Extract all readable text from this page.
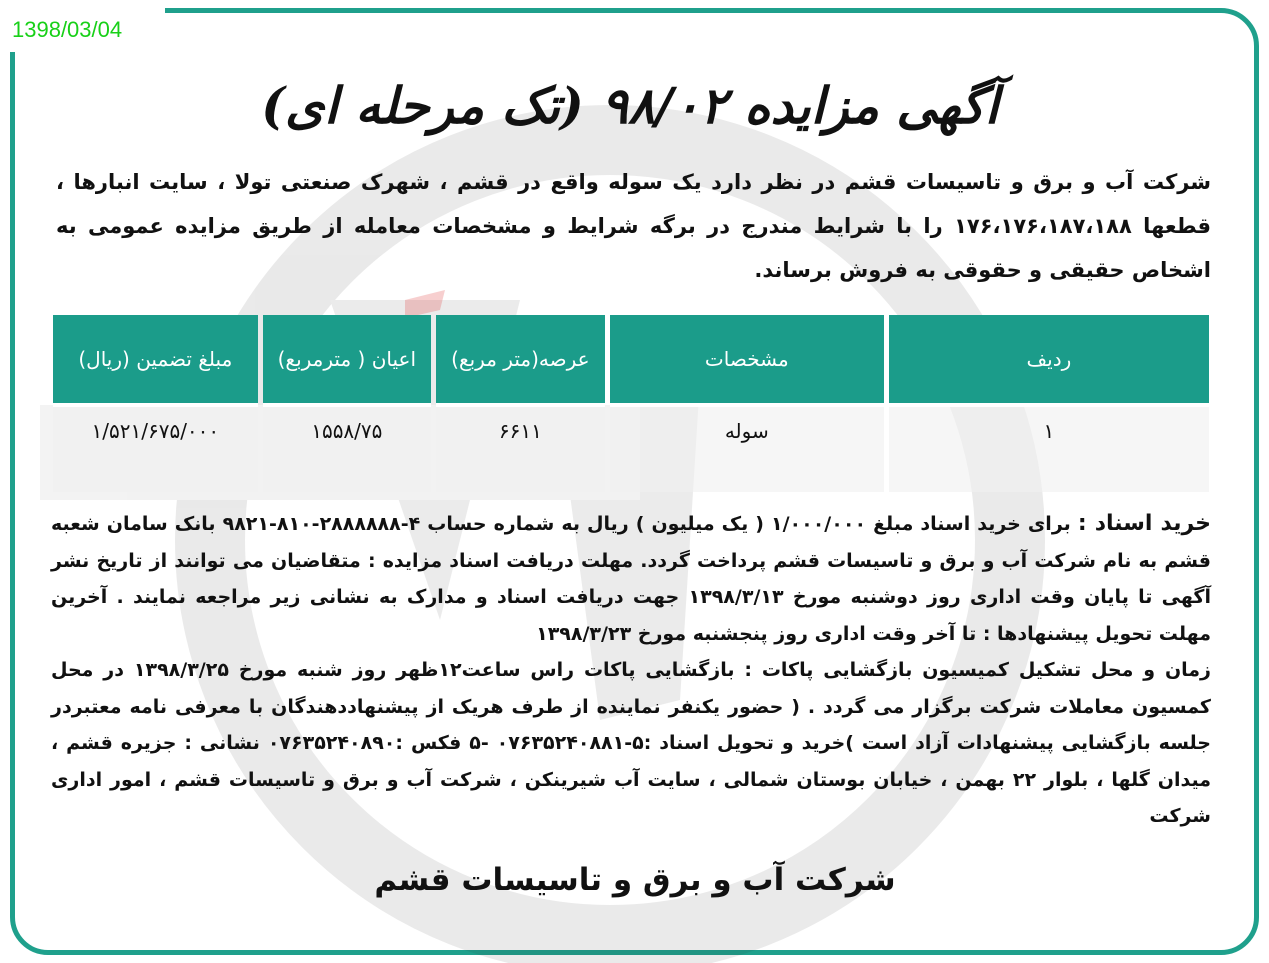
1398/03/04
آگهی مزایده ۹۸/۰۲ (تک مرحله ای)
شرکت آب و برق و تاسیسات قشم در نظر دارد یک سوله واقع در قشم ، شهرک صنعتی تولا ، سایت انبارها ، قطعها ۱۷۶،۱۷۶،۱۸۷،۱۸۸ را با شرایط مندرج در برگه شرایط و مشخصات معامله از طریق مزایده عمومی به اشخاص حقیقی و حقوقی به فروش برساند.
ردیف	مشخصات	عرصه(متر مربع)	اعیان ( مترمربع)	مبلغ تضمین (ریال)
۱	سوله	۶۶۱۱	۱۵۵۸/۷۵	۱/۵۲۱/۶۷۵/۰۰۰

خرید اسناد : برای خرید اسناد مبلغ ۱/۰۰۰/۰۰۰ ( یک میلیون ) ریال به شماره حساب ۴-۲۸۸۸۸۸۸-۸۱۰-۹۸۲۱ بانک سامان شعبه قشم به نام شرکت آب و برق و تاسیسات قشم پرداخت گردد. مهلت دریافت اسناد مزایده : متقاضیان می توانند از تاریخ نشر آگهی تا پایان وقت اداری روز دوشنبه مورخ ۱۳۹۸/۳/۱۳ جهت دریافت اسناد و مدارک به نشانی زیر مراجعه نمایند . آخرین مهلت تحویل پیشنهادها : تا آخر وقت اداری روز پنجشنبه مورخ ۱۳۹۸/۳/۲۳

زمان و محل تشکیل کمیسیون بازگشایی پاکات : بازگشایی پاکات راس ساعت۱۲ظهر روز شنبه مورخ ۱۳۹۸/۳/۲۵ در محل کمسیون معاملات شرکت برگزار می گردد . ( حضور یکنفر نماینده از طرف هریک از پیشنهاددهندگان با معرفی نامه معتبردر جلسه بازگشایی پیشنهادات آزاد است )خرید و تحویل اسناد :۵-۰۷۶۳۵۲۴۰۸۸۱ -۵ فکس :۰۷۶۳۵۲۴۰۸۹۰ نشانی : جزیره قشم ، میدان گلها ، بلوار ۲۲ بهمن ، خیابان بوستان شمالی ، سایت آب شیرینکن ، شرکت آب و برق و تاسیسات قشم ، امور اداری شرکت

شرکت آب و برق و تاسیسات قشم
